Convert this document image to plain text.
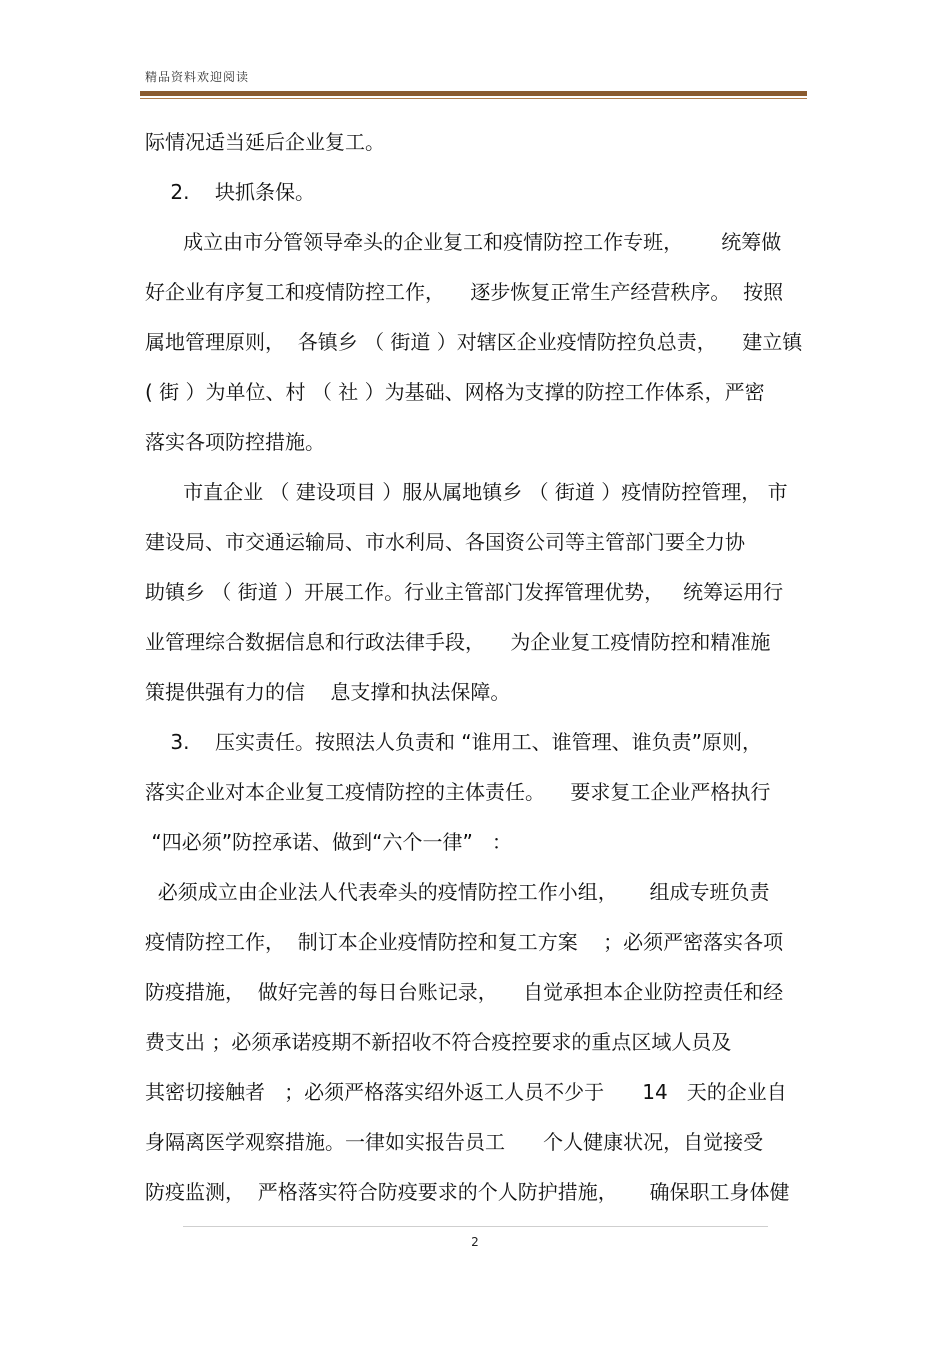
精品资料欢迎阅读
际情况适当延后企业复工。
2.    块抓条保。
成立由市分管领导牵头的企业复工和疫情防控工作专班，      统筹做
好企业有序复工和疫情防控工作，    逐步恢复正常生产经营秩序。  按照
属地管理原则，  各镇乡 （ 街道 ）对辖区企业疫情防控负总责，    建立镇
( 街 ）为单位、村 （ 社 ）为基础、网格为支撑的防控工作体系，严密
落实各项防控措施。
市直企业 （ 建设项目 ）服从属地镇乡 （ 街道 ）疫情防控管理， 市
建设局、市交通运输局、市水利局、各国资公司等主管部门要全力协
助镇乡 （ 街道 ）开展工作。行业主管部门发挥管理优势，   统筹运用行
业管理综合数据信息和行政法律手段，    为企业复工疫情防控和精准施
策提供强有力的信    息支撑和执法保障。
3.    压实责任。按照法人负责和 “谁用工、谁管理、谁负责”原则，
落实企业对本企业复工疫情防控的主体责任。    要求复工企业严格执行
“四必须”防控承诺、做到“六个一律”   ：
必须成立由企业法人代表牵头的疫情防控工作小组，     组成专班负责
疫情防控工作，  制订本企业疫情防控和复工方案    ；必须严密落实各项
防疫措施，  做好完善的每日台账记录，    自觉承担本企业防控责任和经
费支出 ；必须承诺疫期不新招收不符合疫控要求的重点区域人员及
其密切接触者   ；必须严格落实绍外返工人员不少于      14   天的企业自
身隔离医学观察措施。一律如实报告员工      个人健康状况，自觉接受
防疫监测，  严格落实符合防疫要求的个人防护措施，     确保职工身体健
2
